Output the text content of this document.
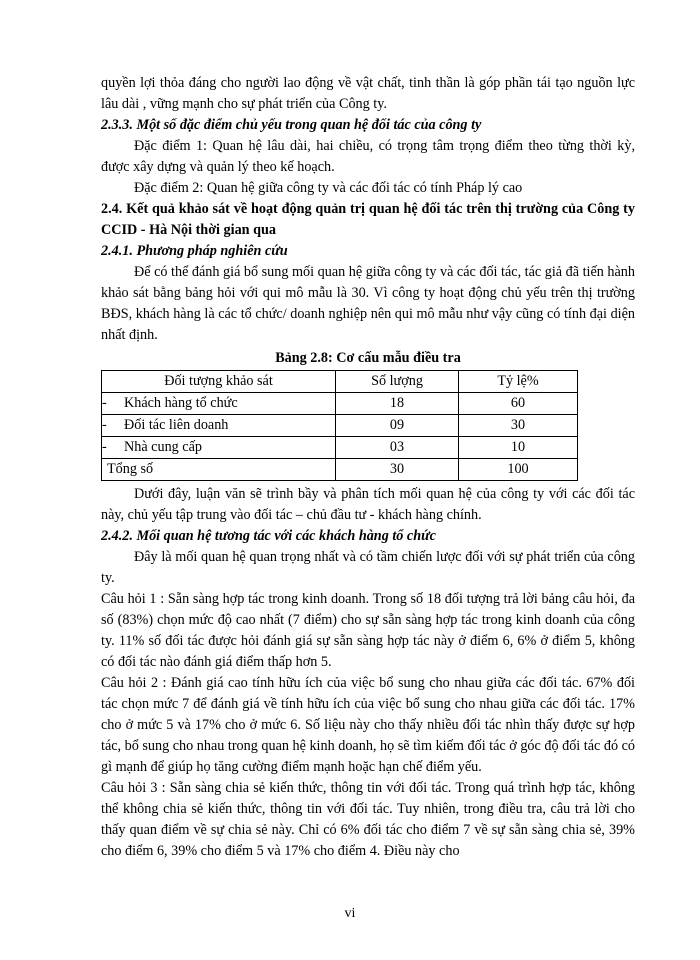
quyền lợi thỏa đáng cho người lao động về vật chất, tinh thần là góp phần tái tạo nguồn lực lâu dài , vững mạnh cho sự phát triển của Công ty.

2.3.3. Một số đặc điểm chủ yếu trong quan hệ đối tác của công ty

Đặc điểm 1: Quan hệ lâu dài, hai chiều, có trọng tâm trọng điểm theo từng thời kỳ, được xây dựng và quản lý theo kế hoạch.

Đặc điểm 2: Quan hệ giữa công ty và các đối tác có tính Pháp lý cao

2.4. Kết quả khảo sát về hoạt động quản trị quan hệ đối tác trên thị trường của Công ty CCID - Hà Nội thời gian qua

2.4.1. Phương pháp nghiên cứu

Để có thể đánh giá bổ sung mối quan hệ giữa công ty và các đối tác, tác giả đã tiến hành khảo sát bằng bảng hỏi với qui mô mẫu là 30. Vì công ty hoạt động chủ yếu trên thị trường BĐS, khách hàng là các tổ chức/ doanh nghiệp nên qui mô mẫu như vậy cũng có tính đại diện nhất định.

Bảng 2.8: Cơ cấu mẫu điều tra

Đối tượng khảo sát	Số lượng	Tỷ lệ%
- Khách hàng tổ chức	18	60
- Đối tác liên doanh	09	30
- Nhà cung cấp	03	10
Tổng số	30	100

Dưới đây, luận văn sẽ trình bầy và phân tích mối quan hệ của công ty với các đối tác này, chủ yếu tập trung vào đối tác – chủ đầu tư - khách hàng chính.

2.4.2. Mối quan hệ tương tác với các khách hàng tổ chức

Đây là mối quan hệ quan trọng nhất và có tầm chiến lược đối với sự phát triển của công ty.

Câu hỏi 1 : Sẵn sàng hợp tác trong kinh doanh. Trong số 18 đối tượng trả lời bảng câu hỏi, đa số (83%) chọn mức độ cao nhất (7 điểm) cho sự sẵn sàng hợp tác trong kinh doanh của công ty. 11% số đối tác được hỏi đánh giá sự sẵn sàng hợp tác này ở điểm 6, 6% ở điểm 5, không có đối tác nào đánh giá điểm thấp hơn 5.

Câu hỏi 2 : Đánh giá cao tính hữu ích của việc bổ sung cho nhau giữa các đối tác. 67% đối tác chọn mức 7 để đánh giá về tính hữu ích của việc bổ sung cho nhau giữa các đối tác. 17% cho ở mức 5 và 17% cho ở mức 6. Số liệu này cho thấy nhiều đối tác nhìn thấy được sự hợp tác, bổ sung cho nhau trong quan hệ kinh doanh, họ sẽ tìm kiếm đối tác ở góc độ đối tác đó có gì mạnh để giúp họ tăng cường điểm mạnh hoặc hạn chế điểm yếu.

Câu hỏi 3 : Sẵn sàng chia sẻ kiến thức, thông tin với đối tác. Trong quá trình hợp tác, không thể không chia sẻ kiến thức, thông tin với đối tác. Tuy nhiên, trong điều tra, câu trả lời cho thấy quan điểm về sự chia sẻ này. Chỉ có 6% đối tác cho điểm 7 về sự sẵn sàng chia sẻ, 39% cho điểm 6, 39% cho điểm 5 và 17% cho điểm 4. Điều này cho

vi
